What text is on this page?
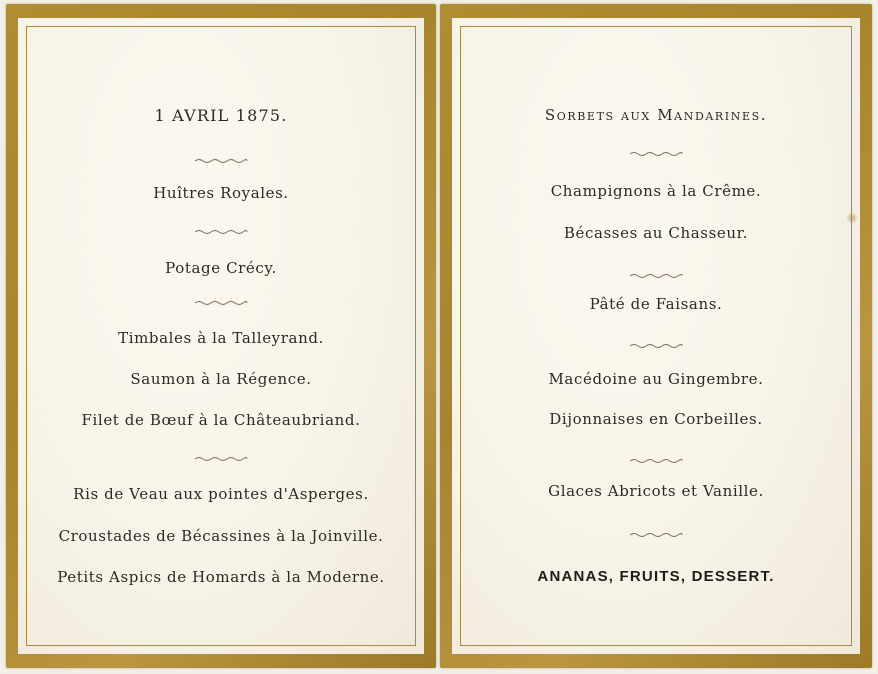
1 AVRIL 1875.
Huîtres Royales.
Potage Crécy.
Timbales à la Talleyrand.
Saumon à la Régence.
Filet de Bœuf à la Châteaubriand.
Ris de Veau aux pointes d'Asperges.
Croustades de Bécassines à la Joinville.
Petits Aspics de Homards à la Moderne.
Sorbets aux Mandarines.
Champignons à la Crême.
Bécasses au Chasseur.
Pâté de Faisans.
Macédoine au Gingembre.
Dijonnaises en Corbeilles.
Glaces Abricots et Vanille.
ANANAS, FRUITS, DESSERT.
